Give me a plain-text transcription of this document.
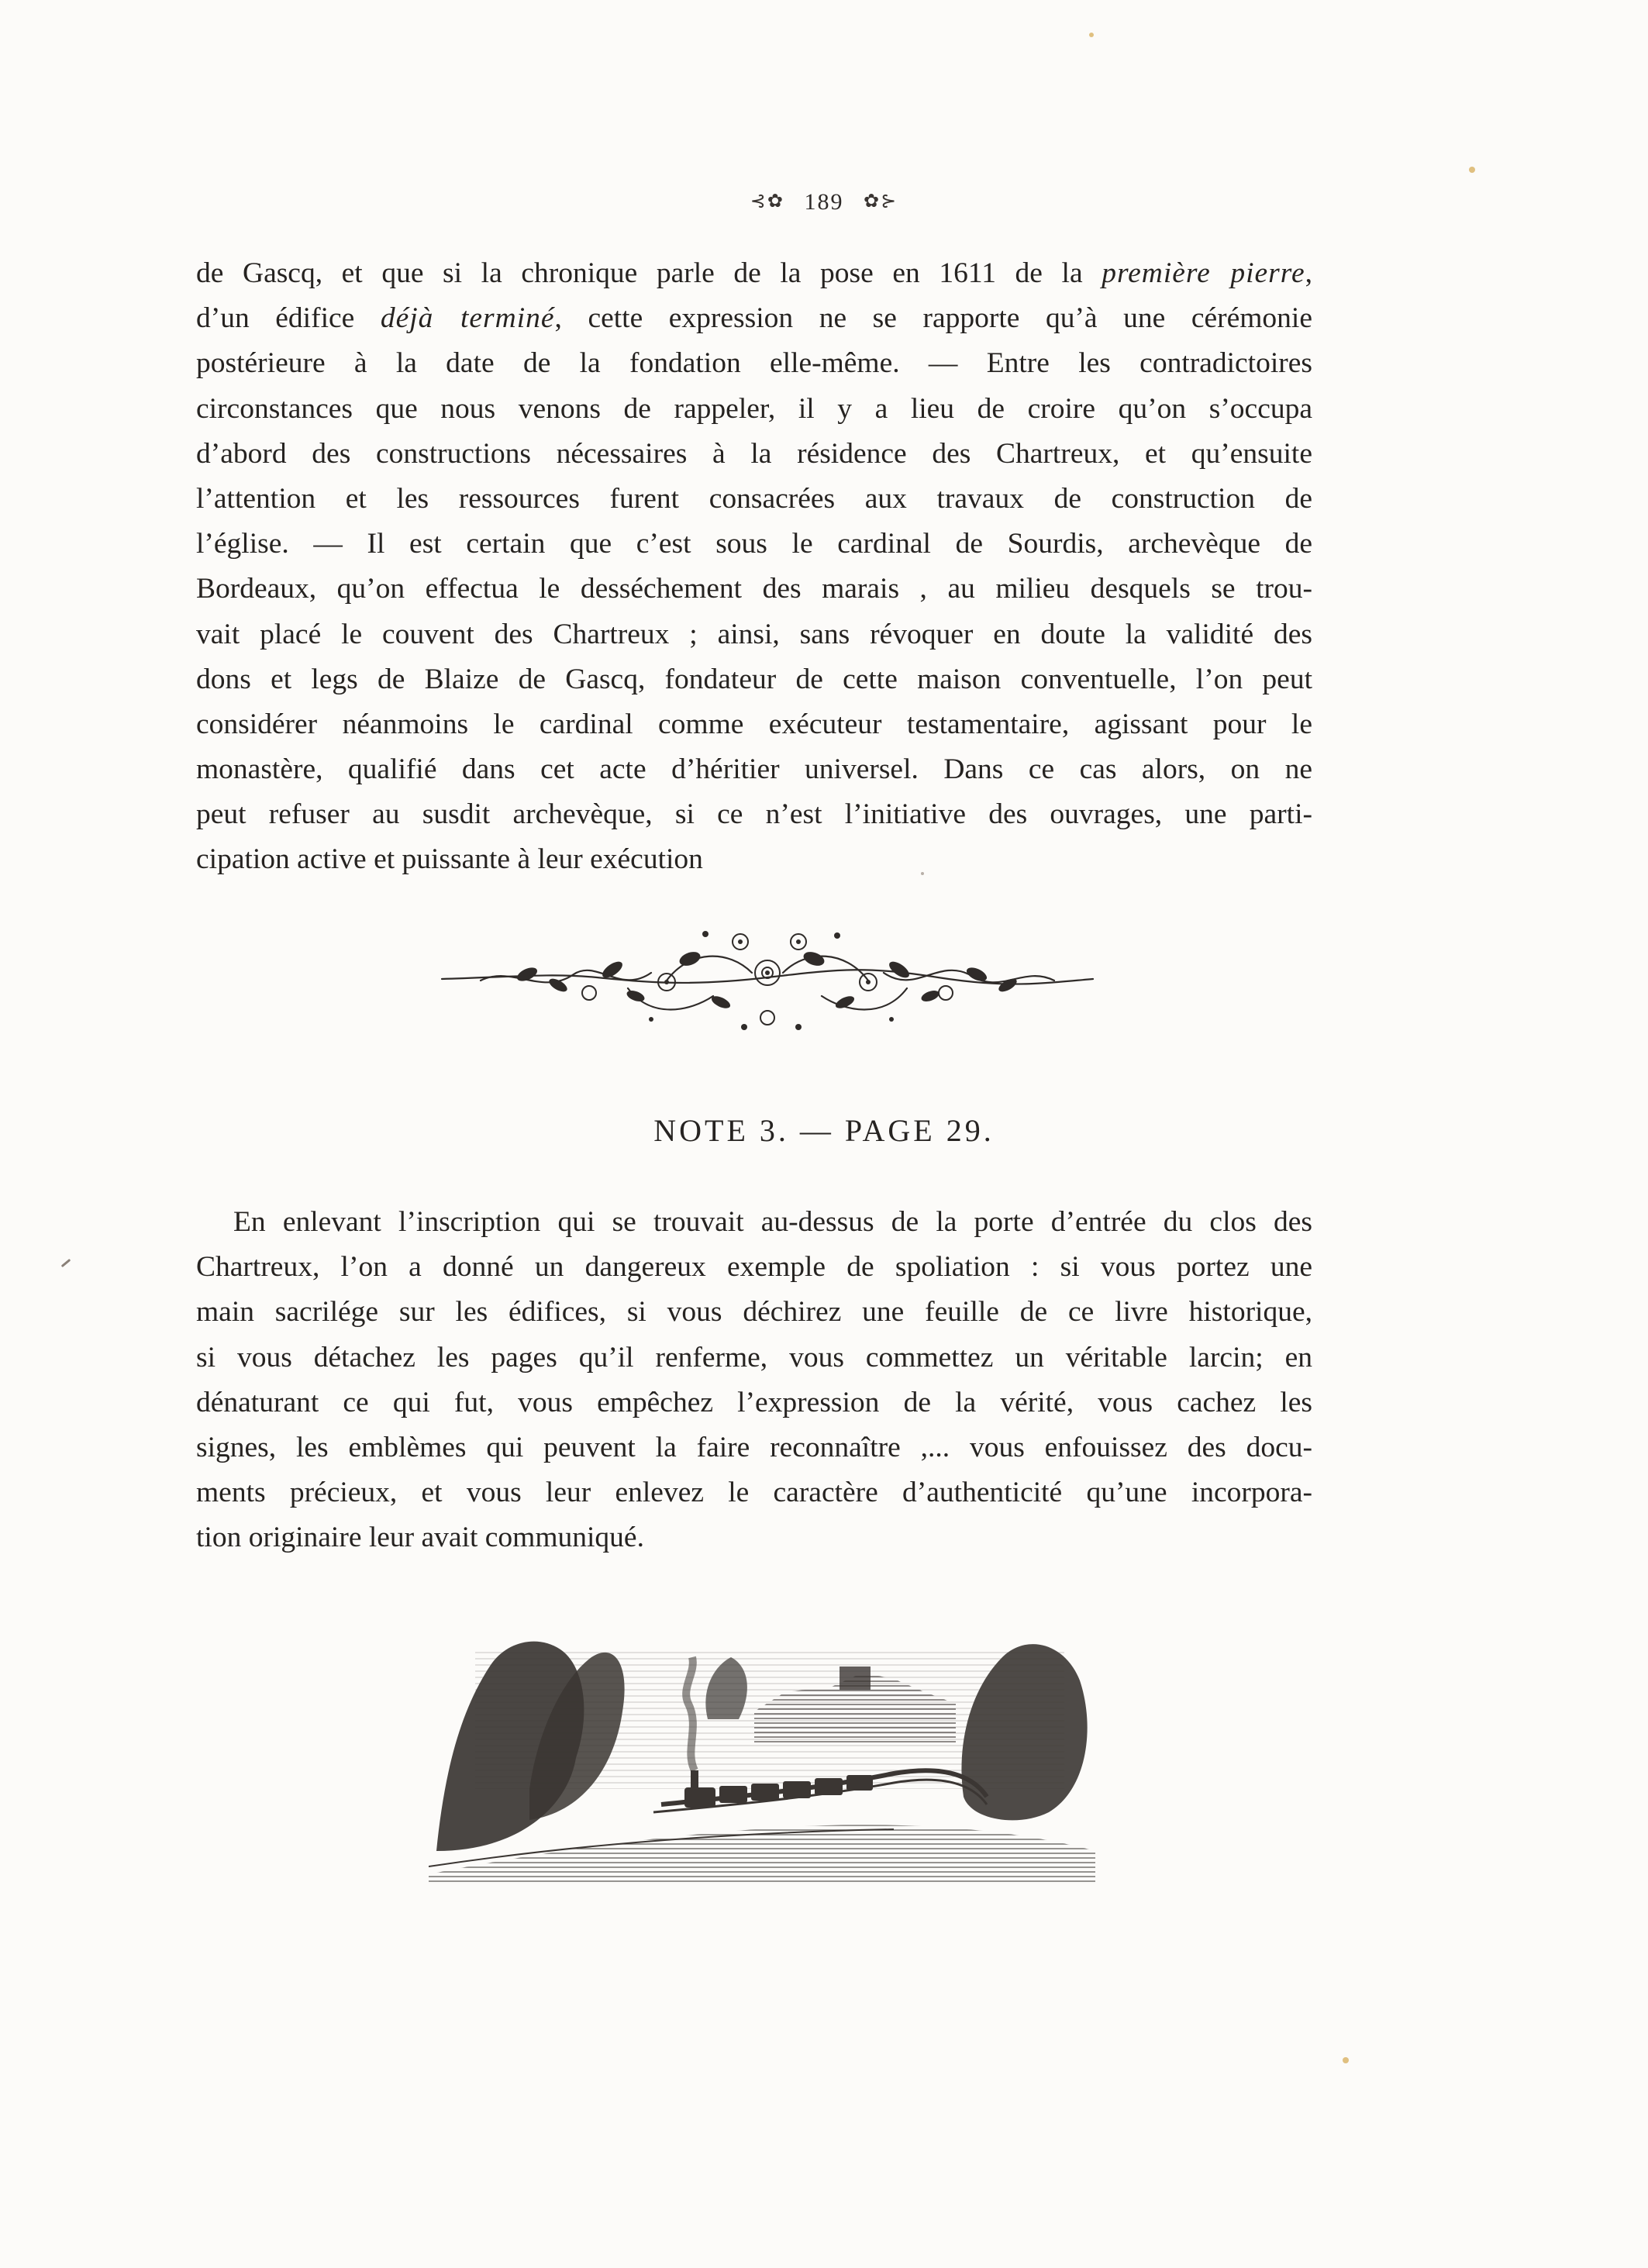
⊰✿ 189 ✿⊱
de Gascq, et que si la chronique parle de la pose en 1611 de la première pierre,
d’un édifice déjà terminé, cette expression ne se rapporte qu’à une cérémonie
postérieure à la date de la fondation elle-même. — Entre les contradictoires
circonstances que nous venons de rappeler, il y a lieu de croire qu’on s’occupa
d’abord des constructions nécessaires à la résidence des Chartreux, et qu’ensuite
l’attention et les ressources furent consacrées aux travaux de construction de
l’église. — Il est certain que c’est sous le cardinal de Sourdis, archevèque de
Bordeaux, qu’on effectua le desséchement des marais , au milieu desquels se trou-
vait placé le couvent des Chartreux ; ainsi, sans révoquer en doute la validité des
dons et legs de Blaize de Gascq, fondateur de cette maison conventuelle, l’on peut
considérer néanmoins le cardinal comme exécuteur testamentaire, agissant pour le
monastère, qualifié dans cet acte d’héritier universel. Dans ce cas alors, on ne
peut refuser au susdit archevèque, si ce n’est l’initiative des ouvrages, une parti-
cipation active et puissante à leur exécution
NOTE 3. — PAGE 29.
En enlevant l’inscription qui se trouvait au-dessus de la porte d’entrée du clos des
Chartreux, l’on a donné un dangereux exemple de spoliation : si vous portez une
main sacrilége sur les édifices, si vous déchirez une feuille de ce livre historique,
si vous détachez les pages qu’il renferme, vous commettez un véritable larcin; en
dénaturant ce qui fut, vous empêchez l’expression de la vérité, vous cachez les
signes, les emblèmes qui peuvent la faire reconnaître ,... vous enfouissez des docu-
ments précieux, et vous leur enlevez le caractère d’authenticité qu’une incorpora-
tion originaire leur avait communiqué.
